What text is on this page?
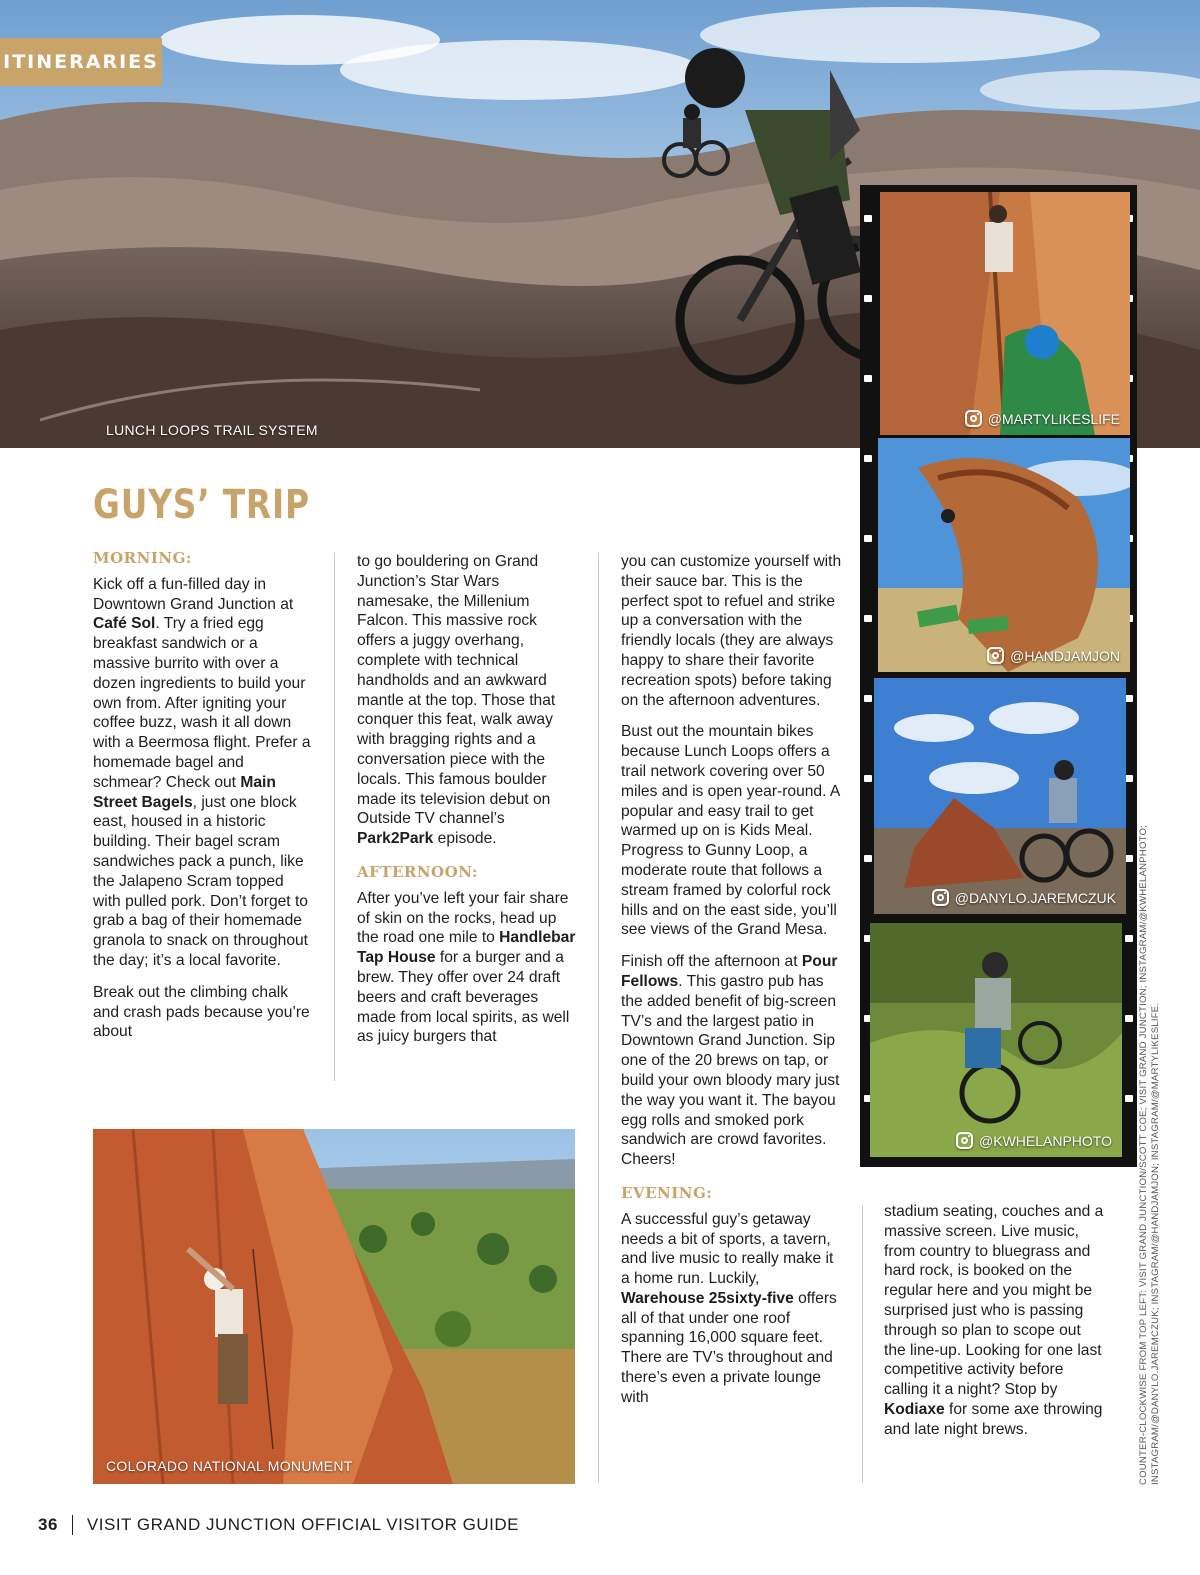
ITINERARIES
LUNCH LOOPS TRAIL SYSTEM
@MARTYLIKESLIFE
@HANDJAMJON
@DANYLO.JAREMCZUK
@KWHELANPHOTO
GUYS’ TRIP
MORNING:

Kick off a fun-filled day in Downtown Grand Junction at Café Sol. Try a fried egg breakfast sandwich or a massive burrito with over a dozen ingredients to build your own from. After igniting your coffee buzz, wash it all down with a Beermosa flight. Prefer a homemade bagel and schmear? Check out Main Street Bagels, just one block east, housed in a historic building. Their bagel scram sandwiches pack a punch, like the Jalapeno Scram topped with pulled pork. Don’t forget to grab a bag of their homemade granola to snack on throughout the day; it’s a local favorite.

Break out the climbing chalk and crash pads because you’re about

to go bouldering on Grand Junction’s Star Wars namesake, the Millenium Falcon. This massive rock offers a juggy overhang, complete with technical handholds and an awkward mantle at the top. Those that conquer this feat, walk away with bragging rights and a conversation piece with the locals. This famous boulder made its television debut on Outside TV channel’s Park2Park episode.

AFTERNOON:

After you’ve left your fair share of skin on the rocks, head up the road one mile to Handlebar Tap House for a burger and a brew. They offer over 24 draft beers and craft beverages made from local spirits, as well as juicy burgers that

you can customize yourself with their sauce bar. This is the perfect spot to refuel and strike up a conversation with the friendly locals (they are always happy to share their favorite recreation spots) before taking on the afternoon adventures.

Bust out the mountain bikes because Lunch Loops offers a trail network covering over 50 miles and is open year-round. A popular and easy trail to get warmed up on is Kids Meal. Progress to Gunny Loop, a moderate route that follows a stream framed by colorful rock hills and on the east side, you’ll see views of the Grand Mesa.

Finish off the afternoon at Pour Fellows. This gastro pub has the added benefit of big-screen TV’s and the largest patio in Downtown Grand Junction. Sip one of the 20 brews on tap, or build your own bloody mary just the way you want it. The bayou egg rolls and smoked pork sandwich are crowd favorites. Cheers!

EVENING:

A successful guy’s getaway needs a bit of sports, a tavern, and live music to really make it a home run. Luckily, Warehouse 25sixty-five offers all of that under one roof spanning 16,000 square feet. There are TV’s throughout and there’s even a private lounge with

stadium seating, couches and a massive screen. Live music, from country to bluegrass and hard rock, is booked on the regular here and you might be surprised just who is passing through so plan to scope out the line-up. Looking for one last competitive activity before calling it a night? Stop by Kodiaxe for some axe throwing and late night brews.

COLORADO NATIONAL MONUMENT	COUNTER-CLOCKWISE FROM TOP LEFT: VISIT GRAND JUNCTION/SCOTT COE; VISIT GRAND JUNCTION; INSTAGRAM/@KWHELANPHOTO; INSTAGRAM/@DANYLO.JAREMCZUK; INSTAGRAM/@HANDJAMJON; INSTAGRAM/@MARTYLIKESLIFE.
36 VISIT GRAND JUNCTION OFFICIAL VISITOR GUIDE
